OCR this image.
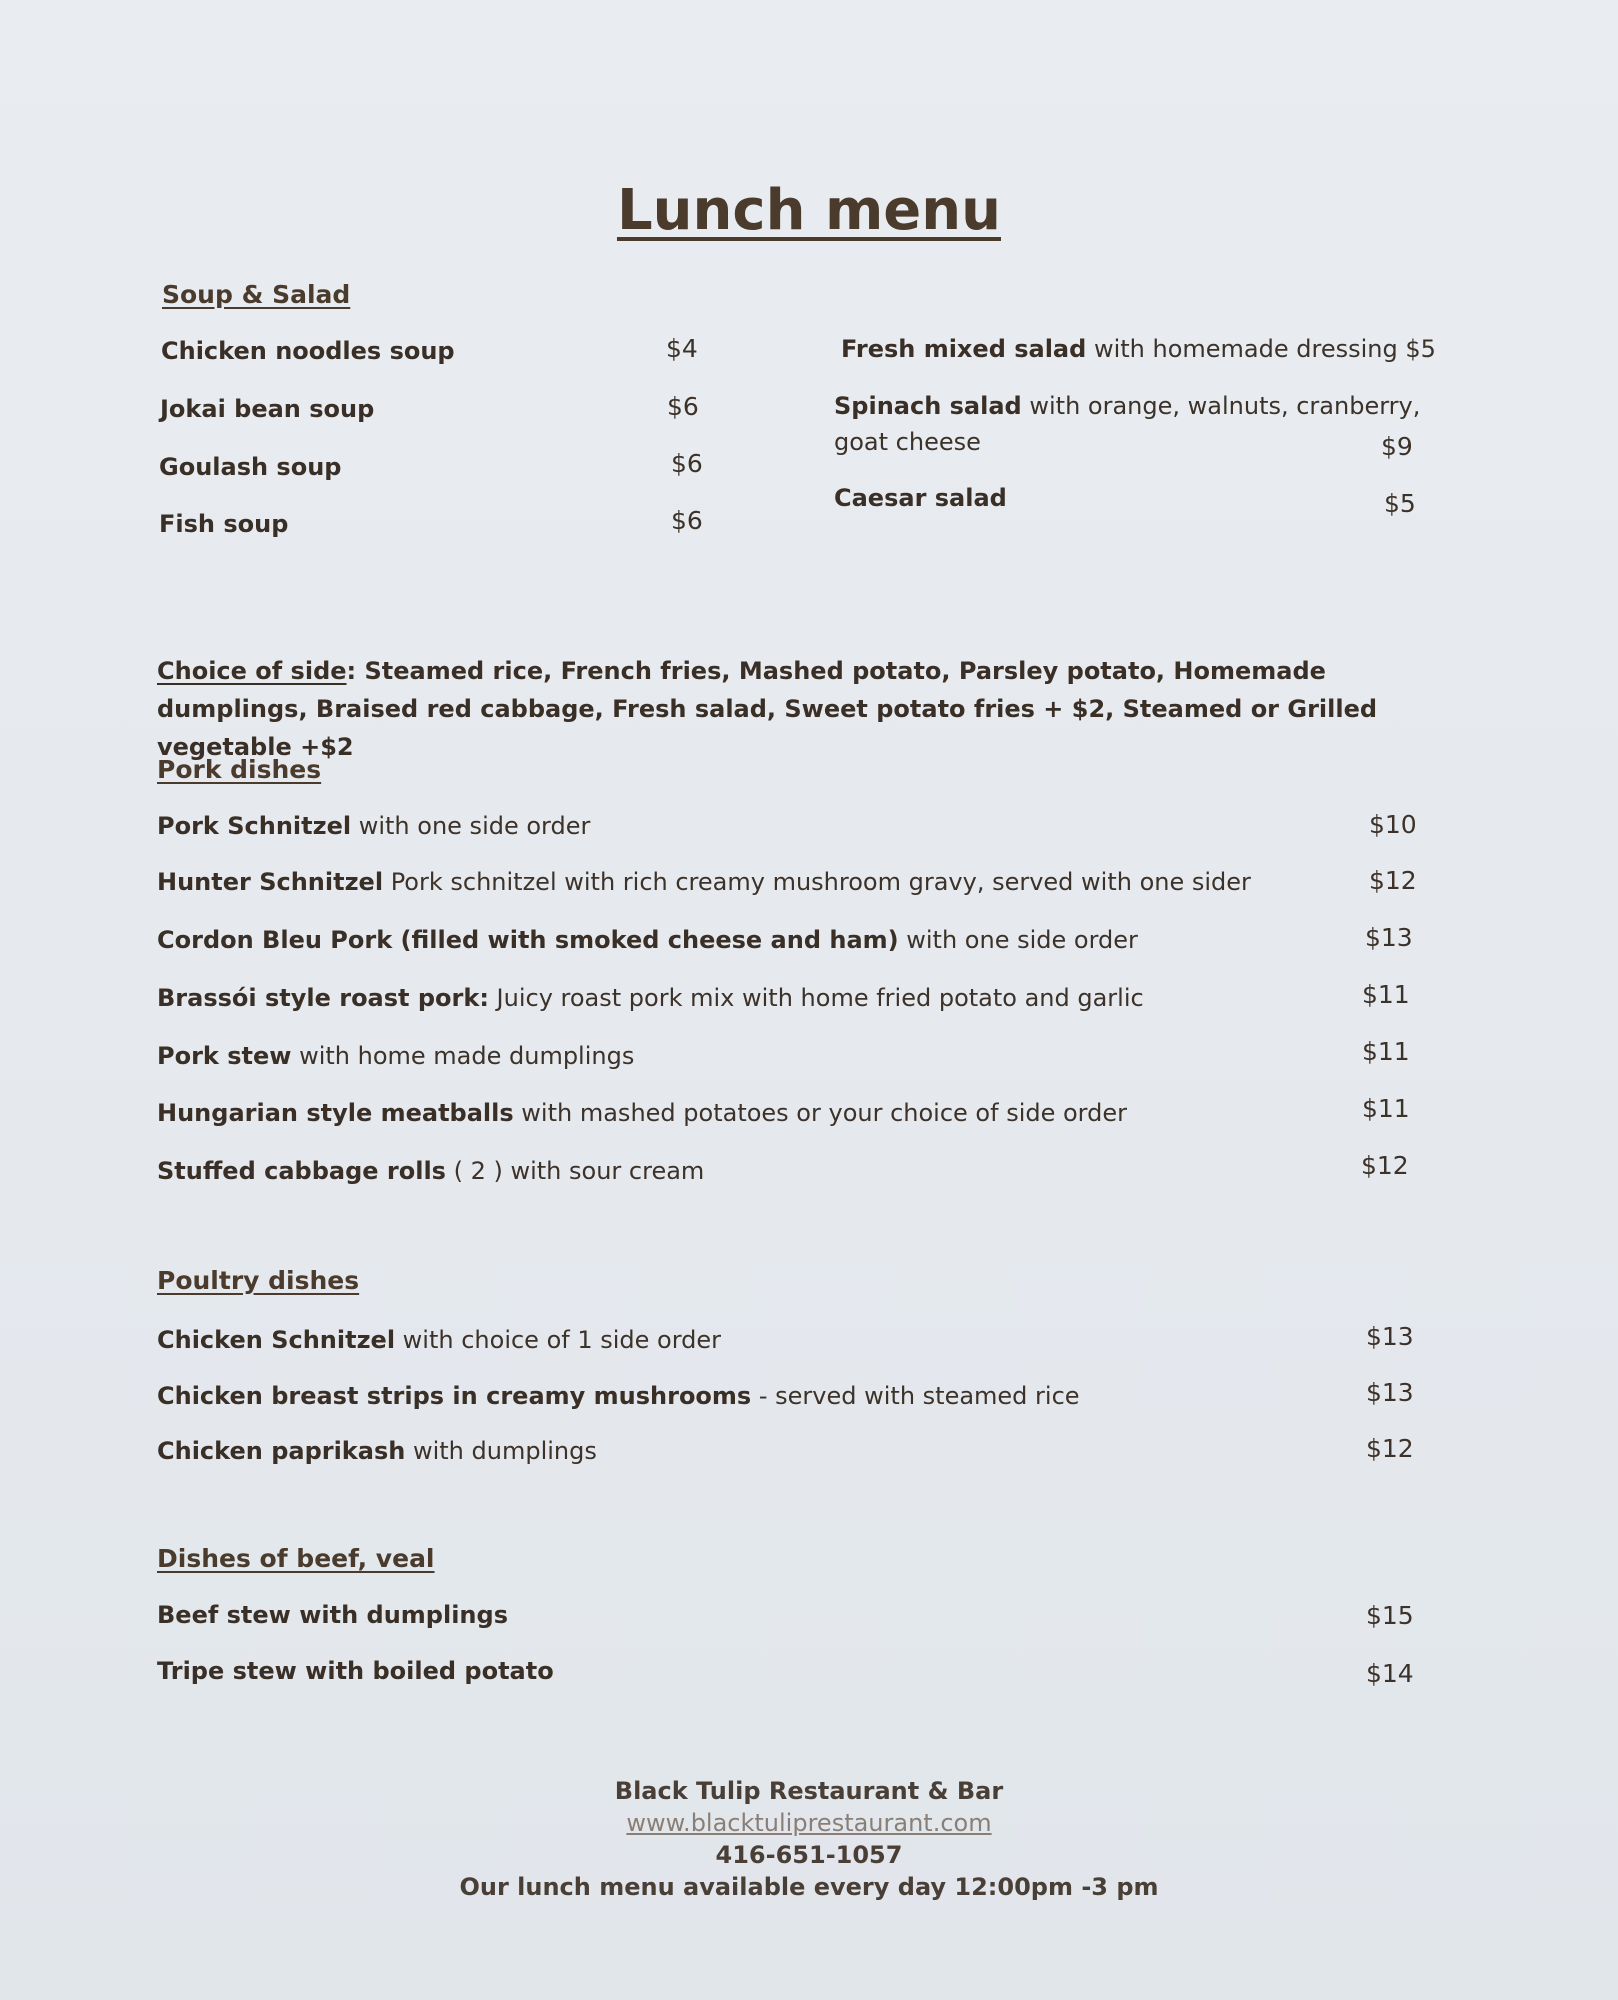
Lunch menu
Soup & Salad
Chicken noodles soup	$4
Jokai bean soup	$6
Goulash soup	$6
Fish soup	$6
Fresh mixed salad with homemade dressing $5
Spinach salad with orange, walnuts, cranberry,
goat cheese	$9
Caesar salad	$5
Choice of side: Steamed rice, French fries, Mashed potato, Parsley potato, Homemade dumplings, Braised red cabbage, Fresh salad, Sweet potato fries + $2, Steamed or Grilled vegetable +$2
Pork dishes
Pork Schnitzel with one side order	$10
Hunter Schnitzel Pork schnitzel with rich creamy mushroom gravy, served with one sider	$12
Cordon Bleu Pork (filled with smoked cheese and ham) with one side order	$13
Brassói style roast pork: Juicy roast pork mix with home fried potato and garlic	$11
Pork stew with home made dumplings	$11
Hungarian style meatballs with mashed potatoes or your choice of side order	$11
Stuffed cabbage rolls ( 2 ) with sour cream	$12
Poultry dishes
Chicken Schnitzel with choice of 1 side order	$13
Chicken breast strips in creamy mushrooms - served with steamed rice	$13
Chicken paprikash with dumplings	$12
Dishes of beef, veal
Beef stew with dumplings	$15
Tripe stew with boiled potato	$14
Black Tulip Restaurant & Bar
www.blacktuliprestaurant.com
416-651-1057
Our lunch menu available every day 12:00pm -3 pm
